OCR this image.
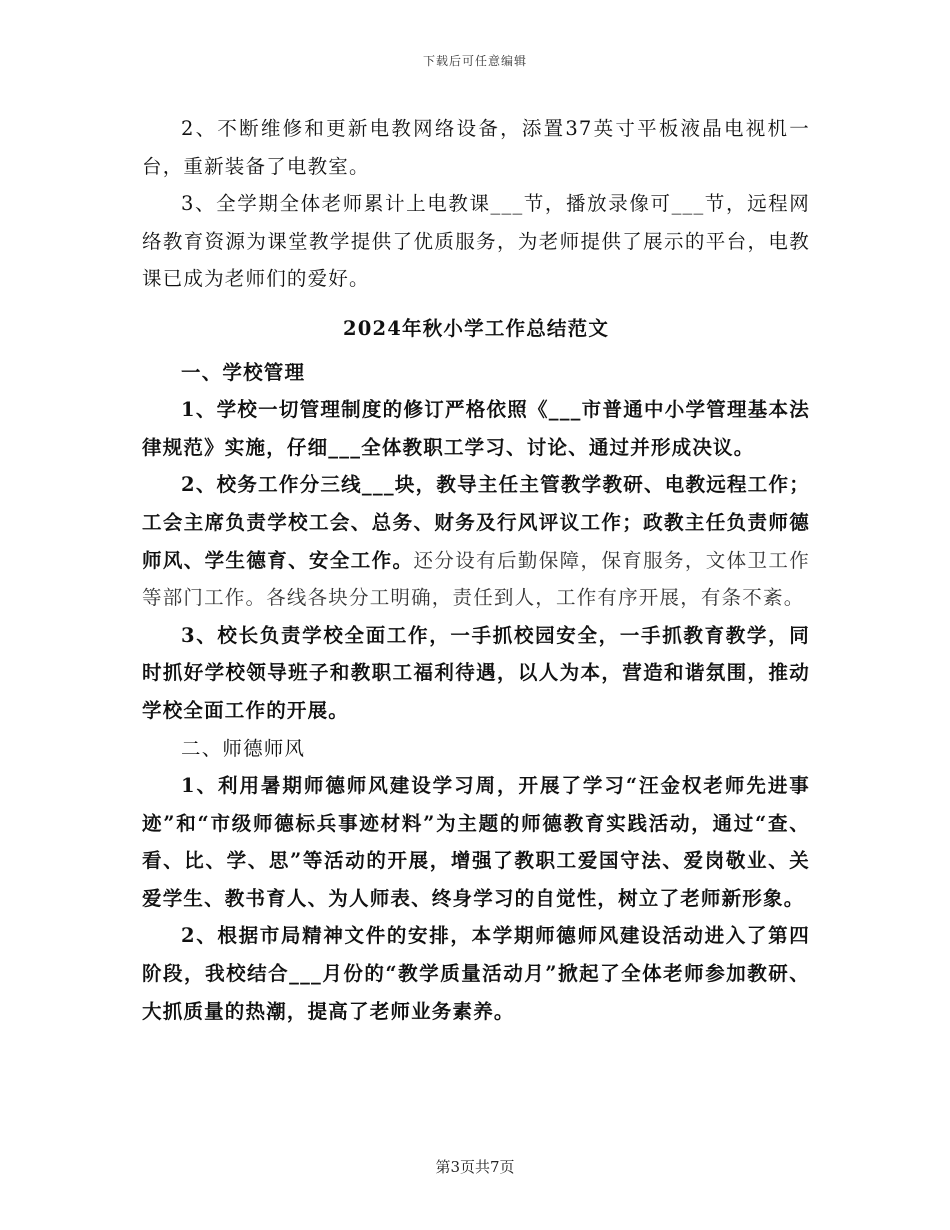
下载后可任意编辑

2、不断维修和更新电教网络设备，添置37英寸平板液晶电视机一台，重新装备了电教室。

3、全学期全体老师累计上电教课___节，播放录像可___节，远程网络教育资源为课堂教学提供了优质服务，为老师提供了展示的平台，电教课已成为老师们的爱好。

2024年秋小学工作总结范文

一、学校管理

1、学校一切管理制度的修订严格依照《___市普通中小学管理基本法律规范》实施，仔细___全体教职工学习、讨论、通过并形成决议。

2、校务工作分三线___块，教导主任主管教学教研、电教远程工作；工会主席负责学校工会、总务、财务及行风评议工作；政教主任负责师德师风、学生德育、安全工作。还分设有后勤保障，保育服务，文体卫工作等部门工作。各线各块分工明确，责任到人，工作有序开展，有条不紊。

3、校长负责学校全面工作，一手抓校园安全，一手抓教育教学，同时抓好学校领导班子和教职工福利待遇，以人为本，营造和谐氛围，推动学校全面工作的开展。

二、师德师风

1、利用暑期师德师风建设学习周，开展了学习“汪金权老师先进事迹”和“市级师德标兵事迹材料”为主题的师德教育实践活动，通过“查、看、比、学、思”等活动的开展，增强了教职工爱国守法、爱岗敬业、关爱学生、教书育人、为人师表、终身学习的自觉性，树立了老师新形象。

2、根据市局精神文件的安排，本学期师德师风建设活动进入了第四阶段，我校结合___月份的“教学质量活动月”掀起了全体老师参加教研、大抓质量的热潮，提高了老师业务素养。

第3页共7页
